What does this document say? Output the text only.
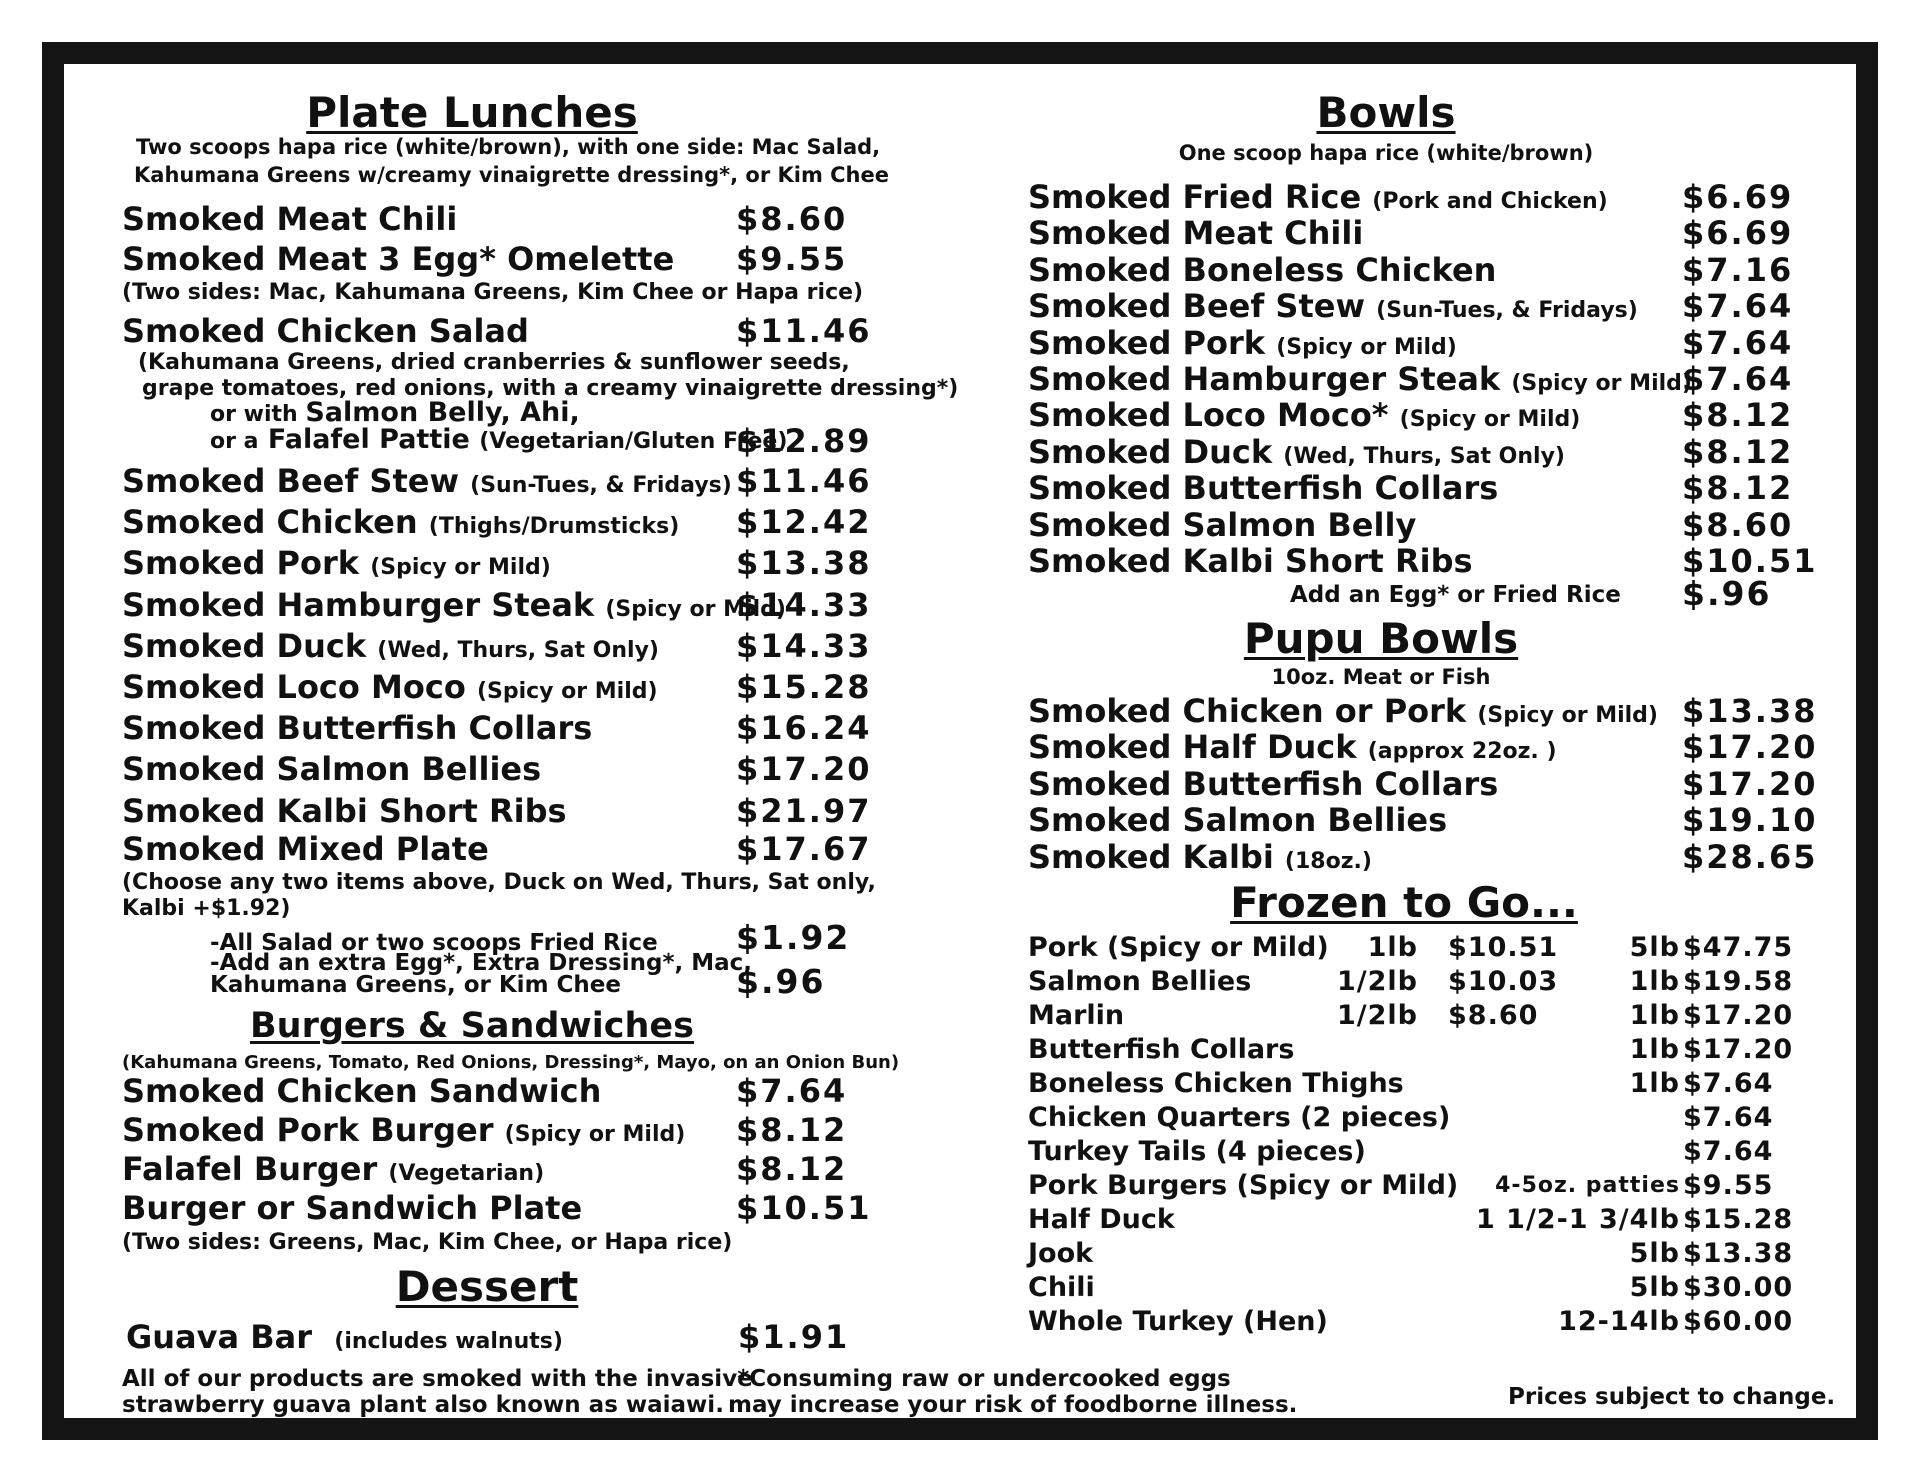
Plate Lunches
Two scoops hapa rice (white/brown), with one side: Mac Salad,
Kahumana Greens w/creamy vinaigrette dressing*, or Kim Chee
Smoked Meat Chili	$8.60
Smoked Meat 3 Egg* Omelette $9.55
(Two sides: Mac, Kahumana Greens, Kim Chee or Hapa rice)
Smoked Chicken Salad	$11.46
(Kahumana Greens, dried cranberries & sunflower seeds,
grape tomatoes, red onions, with a creamy vinaigrette dressing*)
or with Salmon Belly, Ahi,
or a Falafel Pattie (Vegetarian/Gluten Free)
$12.89
Smoked Beef Stew (Sun-Tues, & Fridays) $11.46
Smoked Chicken (Thighs/Drumsticks) $12.42
Smoked Pork (Spicy or Mild)	$13.38
Smoked Hamburger Steak (Spicy or Mild)
$14.33
Smoked Duck (Wed, Thurs, Sat Only) $14.33
Smoked Loco Moco (Spicy or Mild) $15.28
Smoked Butterfish Collars	$16.24
Smoked Salmon Bellies	$17.20
Smoked Kalbi Short Ribs	$21.97
Smoked Mixed Plate	$17.67
(Choose any two items above, Duck on Wed, Thurs, Sat only,
Kalbi +$1.92)
-All Salad or two scoops Fried Rice $1.92
-Add an extra Egg*, Extra Dressing*, Mac,
Kahumana Greens, or Kim Chee	$.96
Burgers & Sandwiches
(Kahumana Greens, Tomato, Red Onions, Dressing*, Mayo, on an Onion Bun)
Smoked Chicken Sandwich	$7.64
Smoked Pork Burger (Spicy or Mild) $8.12
Falafel Burger (Vegetarian)	$8.12
Burger or Sandwich Plate	$10.51
(Two sides: Greens, Mac, Kim Chee, or Hapa rice)
Dessert
Guava Bar (includes walnuts)	$1.91
Bowls
One scoop hapa rice (white/brown)
Smoked Fried Rice (Pork and Chicken) $6.69
Smoked Meat Chili	$6.69
Smoked Boneless Chicken	$7.16
Smoked Beef Stew (Sun-Tues, & Fridays) $7.64
Smoked Pork (Spicy or Mild)	$7.64
Smoked Hamburger Steak (Spicy or Mild)
$7.64
Smoked Loco Moco* (Spicy or Mild)	$8.12
Smoked Duck (Wed, Thurs, Sat Only)	$8.12
Smoked Butterfish Collars	$8.12
Smoked Salmon Belly	$8.60
Smoked Kalbi Short Ribs	$10.51
Add an Egg* or Fried Rice $.96
Pupu Bowls
10oz. Meat or Fish
Smoked Chicken or Pork (Spicy or Mild) $13.38
Smoked Half Duck (approx 22oz. )	$17.20
Smoked Butterfish Collars	$17.20
Smoked Salmon Bellies	$19.10
Smoked Kalbi (18oz.)	$28.65
Frozen to Go...
Pork (Spicy or Mild) 1lb $10.51	5lb $47.75
Salmon Bellies	1/2lb $10.03	1lb $19.58
Marlin	1/2lb $8.60	1lb $17.20
Butterfish Collars	1lb $17.20
Boneless Chicken Thighs	1lb $7.64
Chicken Quarters (2 pieces)	$7.64
Turkey Tails (4 pieces)	$7.64
Pork Burgers (Spicy or Mild) 4-5oz. patties $9.55
Half Duck	1 1/2-1 3/4lb $15.28
Jook	5lb $13.38
Chili	5lb $30.00
Whole Turkey (Hen)	12-14lb $60.00
All of our products are smoked with the invasive
strawberry guava plant also known as waiawi.
*Consuming raw or undercooked eggs
may increase your risk of foodborne illness.	Prices subject to change.
